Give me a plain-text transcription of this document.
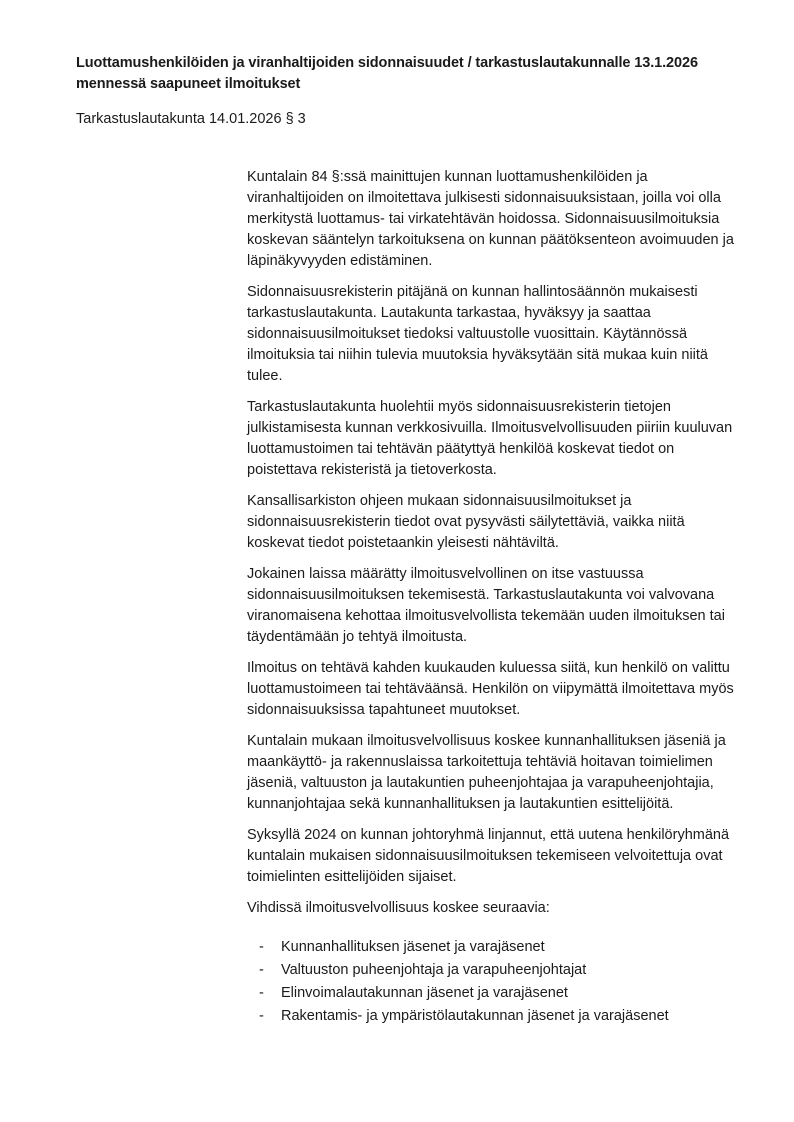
Luottamushenkilöiden ja viranhaltijoiden sidonnaisuudet / tarkastuslautakunnalle 13.1.2026 mennessä saapuneet ilmoitukset
Tarkastuslautakunta 14.01.2026 § 3

Kuntalain 84 §:ssä mainittujen kunnan luottamushenkilöiden ja viranhaltijoiden on ilmoitettava julkisesti sidonnaisuuksistaan, joilla voi olla merkitystä luottamus- tai virkatehtävän hoidossa. Sidonnaisuusilmoituksia koskevan sääntelyn tarkoituksena on kunnan päätöksenteon avoimuuden ja läpinäkyvyyden edistäminen.

Sidonnaisuusrekisterin pitäjänä on kunnan hallintosäännön mukaisesti tarkastuslautakunta. Lautakunta tarkastaa, hyväksyy ja saattaa sidonnaisuusilmoitukset tiedoksi valtuustolle vuosittain. Käytännössä ilmoituksia tai niihin tulevia muutoksia hyväksytään sitä mukaa kuin niitä tulee.

Tarkastuslautakunta huolehtii myös sidonnaisuusrekisterin tietojen julkistamisesta kunnan verkkosivuilla. Ilmoitusvelvollisuuden piiriin kuuluvan luottamustoimen tai tehtävän päätyttyä henkilöä koskevat tiedot on poistettava rekisteristä ja tietoverkosta.

Kansallisarkiston ohjeen mukaan sidonnaisuusilmoitukset ja sidonnaisuusrekisterin tiedot ovat pysyvästi säilytettäviä, vaikka niitä koskevat tiedot poistetaankin yleisesti nähtäviltä.

Jokainen laissa määrätty ilmoitusvelvollinen on itse vastuussa sidonnaisuusilmoituksen tekemisestä. Tarkastuslautakunta voi valvovana viranomaisena kehottaa ilmoitusvelvollista tekemään uuden ilmoituksen tai täydentämään jo tehtyä ilmoitusta.

Ilmoitus on tehtävä kahden kuukauden kuluessa siitä, kun henkilö on valittu luottamustoimeen tai tehtäväänsä. Henkilön on viipymättä ilmoitettava myös sidonnaisuuksissa tapahtuneet muutokset.

Kuntalain mukaan ilmoitusvelvollisuus koskee kunnanhallituksen jäseniä ja maankäyttö- ja rakennuslaissa tarkoitettuja tehtäviä hoitavan toimielimen jäseniä, valtuuston ja lautakuntien puheenjohtajaa ja varapuheenjohtajia, kunnanjohtajaa sekä kunnanhallituksen ja lautakuntien esittelijöitä.

Syksyllä 2024 on kunnan johtoryhmä linjannut, että uutena henkilöryhmänä kuntalain mukaisen sidonnaisuusilmoituksen tekemiseen velvoitettuja ovat toimielinten esittelijöiden sijaiset.

Vihdissä ilmoitusvelvollisuus koskee seuraavia:

-	Kunnanhallituksen jäsenet ja varajäsenet
-	Valtuuston puheenjohtaja ja varapuheenjohtajat
-	Elinvoimalautakunnan jäsenet ja varajäsenet
-	Rakentamis- ja ympäristölautakunnan jäsenet ja varajäsenet
